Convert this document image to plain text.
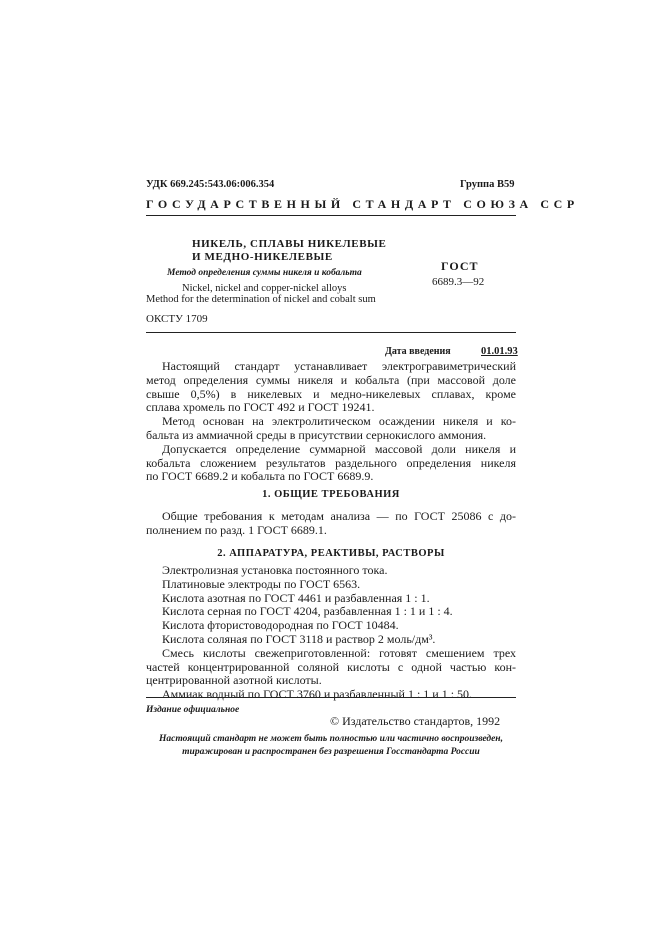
УДК 669.245:543.06:006.354	Группа В59
ГОСУДАРСТВЕННЫЙ СТАНДАРТ СОЮЗА ССР
НИКЕЛЬ, СПЛАВЫ НИКЕЛЕВЫЕ
И МЕДНО-НИКЕЛЕВЫЕ
Метод определения суммы никеля и кобальта
Nickel, nickel and copper-nickel alloys
Method for the determination of nickel and cobalt sum
ГОСТ
6689.3—92
ОКСТУ 1709
Дата введения	01.01.93
Настоящий стандарт устанавливает электрогравиметрический
метод определения суммы никеля и кобальта (при массовой доле
свыше 0,5%) в никелевых и медно-никелевых сплавах, кроме
сплава хромель по ГОСТ 492 и ГОСТ 19241.
Метод основан на электролитическом осаждении никеля и ко-
бальта из аммиачной среды в присутствии сернокислого аммония.
Допускается определение суммарной массовой доли никеля и
кобальта сложением результатов раздельного определения никеля
по ГОСТ 6689.2 и кобальта по ГОСТ 6689.9.
1. ОБЩИЕ ТРЕБОВАНИЯ
Общие требования к методам анализа — по ГОСТ 25086 с до-
полнением по разд. 1 ГОСТ 6689.1.
2. АППАРАТУРА, РЕАКТИВЫ, РАСТВОРЫ
Электролизная установка постоянного тока.
Платиновые электроды по ГОСТ 6563.
Кислота азотная по ГОСТ 4461 и разбавленная 1 : 1.
Кислота серная по ГОСТ 4204, разбавленная 1 : 1 и 1 : 4.
Кислота фтористоводородная по ГОСТ 10484.
Кислота соляная по ГОСТ 3118 и раствор 2 моль/дм³.
Смесь кислоты свежеприготовленной: готовят смешением трех
частей концентрированной соляной кислоты с одной частью кон-
центрированной азотной кислоты.
Аммиак водный по ГОСТ 3760 и разбавленный 1 : 1 и 1 : 50.
Издание официальное
© Издательство стандартов, 1992
Настоящий стандарт не может быть полностью или частично воспроизведен,
тиражирован и распространен без разрешения Госстандарта России
